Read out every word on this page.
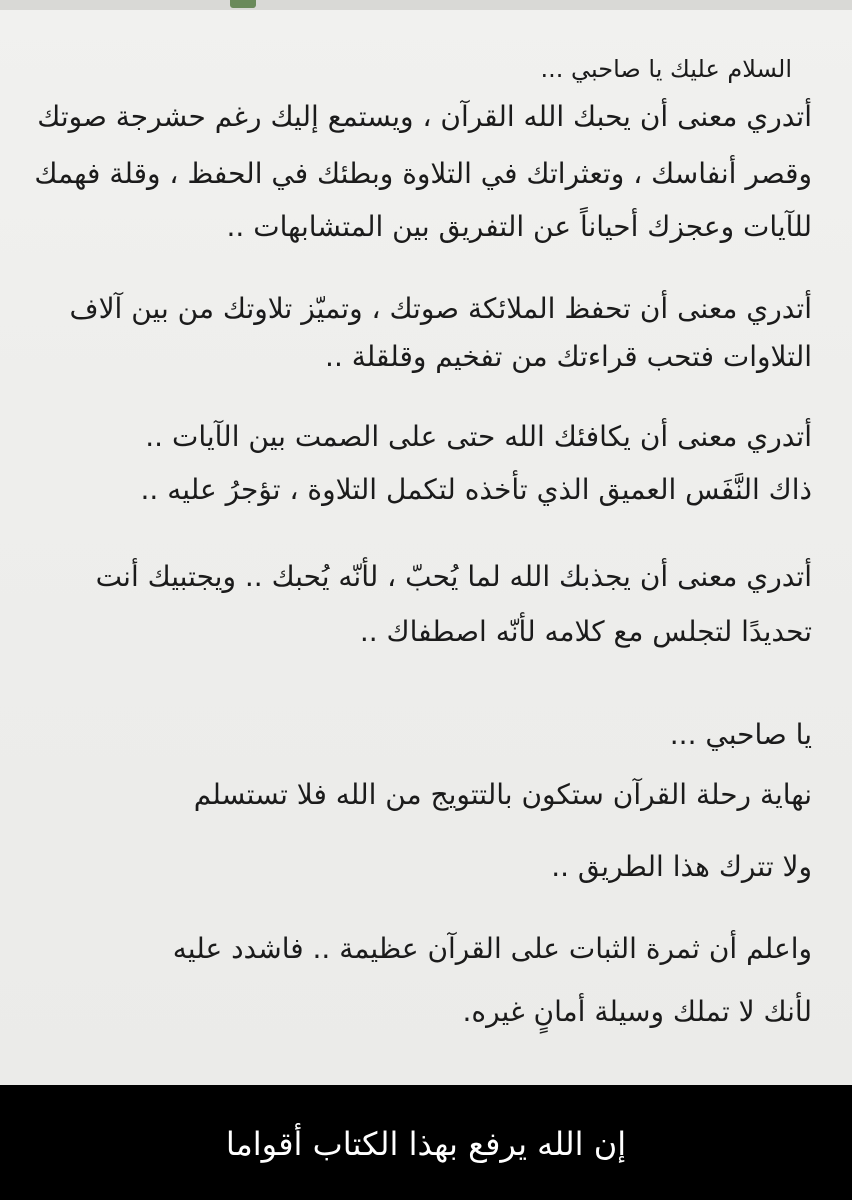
السلام عليك يا صاحبي ...
أتدري معنى أن يحبك الله القرآن ، ويستمع إليك رغم حشرجة صوتك
وقصر أنفاسك ، وتعثراتك في التلاوة وبطئك في الحفظ ، وقلة فهمك
للآيات وعجزك أحياناً عن التفريق بين المتشابهات ..
أتدري معنى أن تحفظ الملائكة صوتك ، وتميّز تلاوتك من بين آلاف
التلاوات فتحب قراءتك من تفخيم وقلقلة ..
أتدري معنى أن يكافئك الله حتى على الصمت بين الآيات ..
ذاك النَّفَس العميق الذي تأخذه لتكمل التلاوة ، تؤجرُ عليه ..
أتدري معنى أن يجذبك الله لما يُحبّ ، لأنّه يُحبك .. ويجتبيك أنت
تحديدًا لتجلس مع كلامه لأنّه اصطفاك ..
يا صاحبي ...
نهاية رحلة القرآن ستكون بالتتويج من الله فلا تستسلم
ولا تترك هذا الطريق ..
واعلم أن ثمرة الثبات على القرآن عظيمة .. فاشدد عليه
لأنك لا تملك وسيلة أمانٍ غيره.
إن الله يرفع بهذا الكتاب أقواما
